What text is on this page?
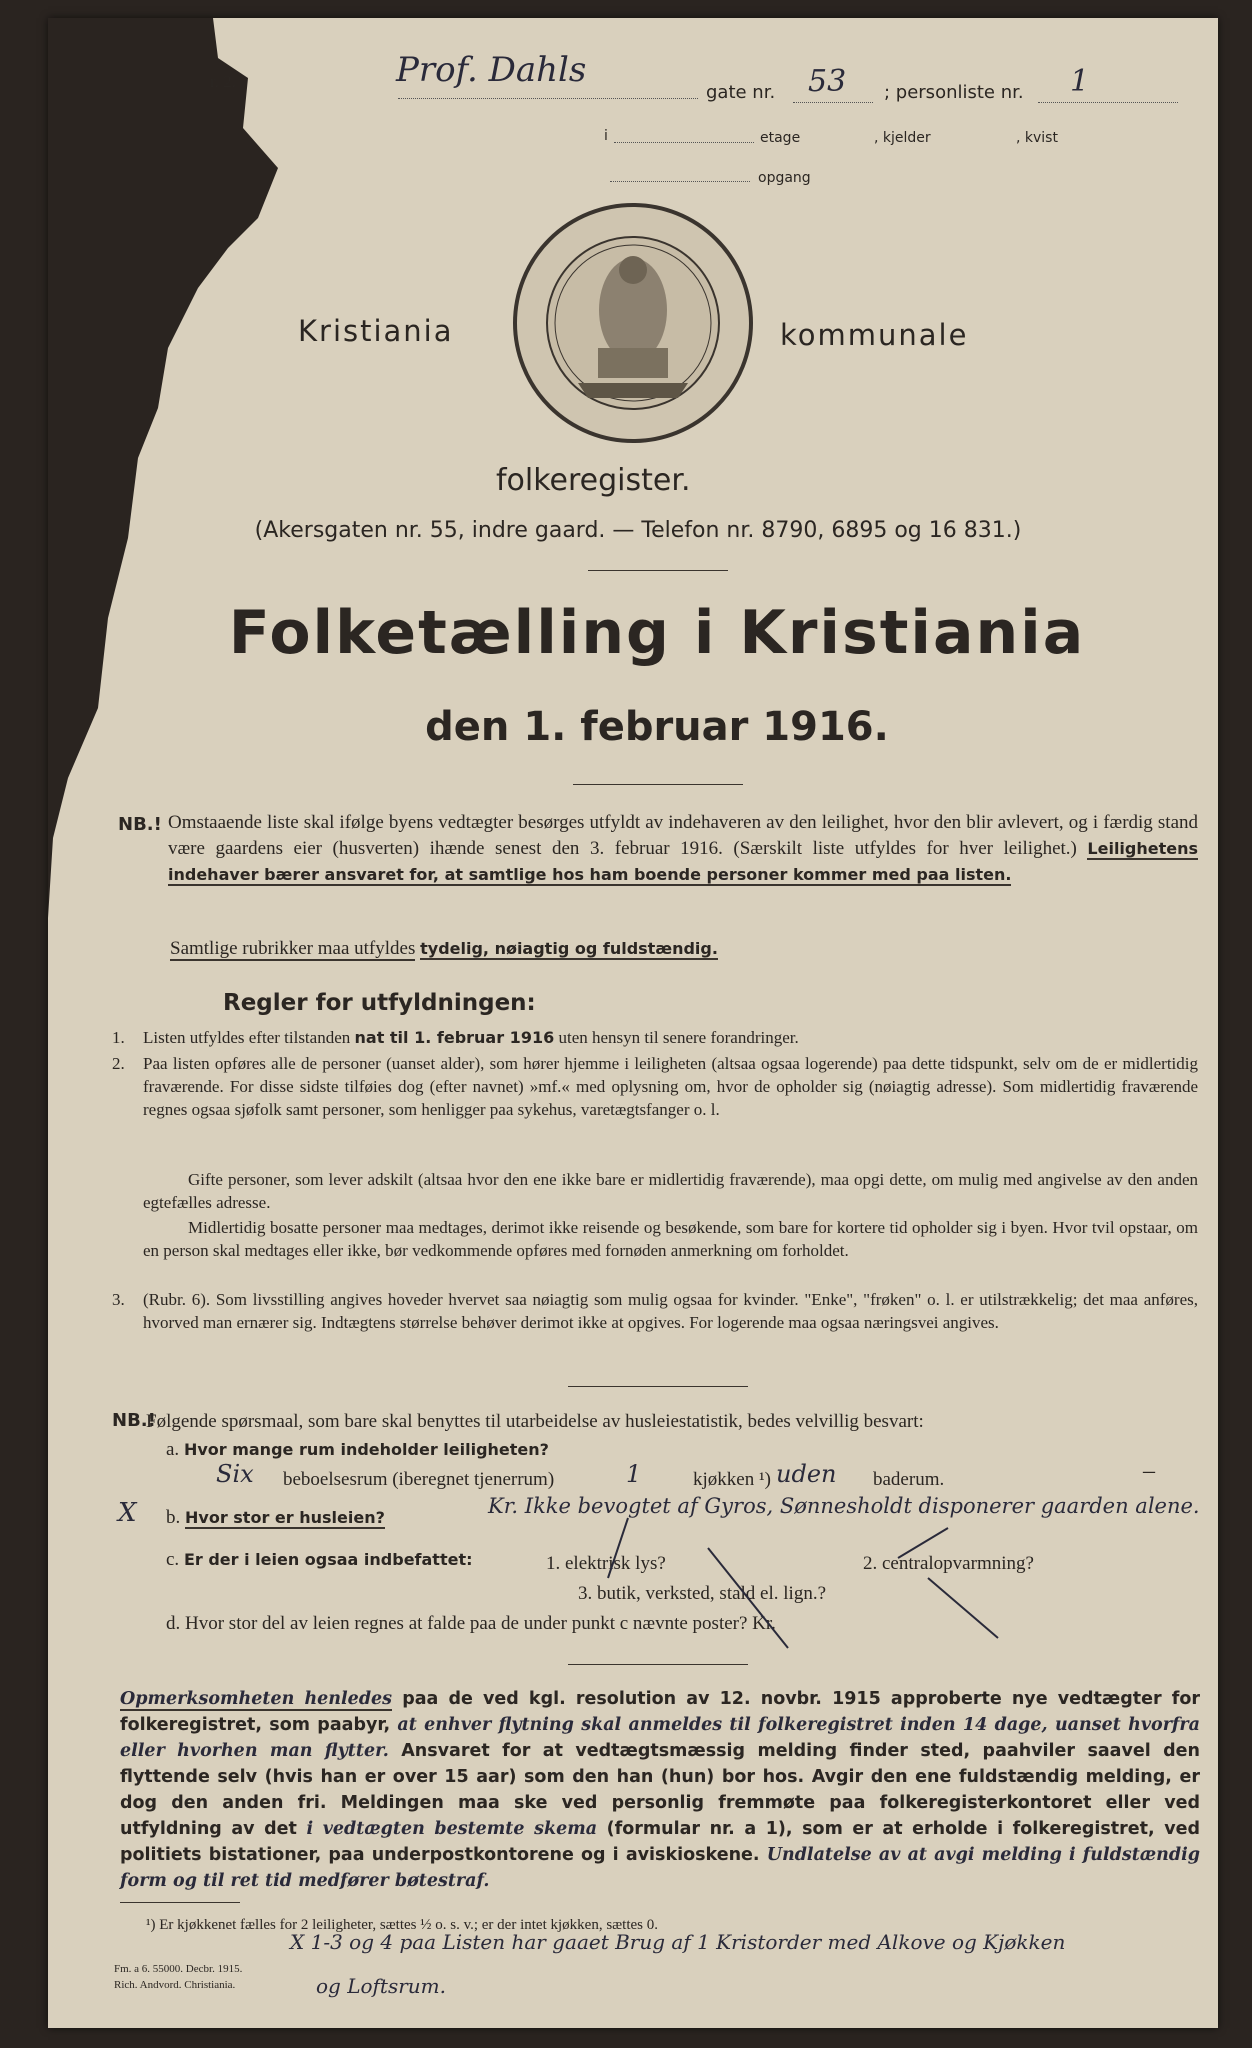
r. 2.	Prof. Dahls
gate nr. 53 ; personliste nr. 1
i	etage	, kjelder	, kvist
opgang
Kristiania	kommunale
folkeregister.
(Akersgaten nr. 55, indre gaard. — Telefon nr. 8790, 6895 og 16 831.)
Folketælling i Kristiania
den 1. februar 1916.
NB.! Omstaaende liste skal ifølge byens vedtægter besørges utfyldt av indehaveren av den leilighet, hvor den blir avlevert, og i færdig stand være gaardens eier (husverten) ihænde senest den 3. februar 1916. (Særskilt liste utfyldes for hver leilighet.) Leilighetens indehaver bærer ansvaret for, at samtlige hos ham boende personer kommer med paa listen.
Samtlige rubrikker maa utfyldes tydelig, nøiagtig og fuldstændig.
Regler for utfyldningen:
1. Listen utfyldes efter tilstanden nat til 1. februar 1916 uten hensyn til senere forandringer.
2. Paa listen opføres alle de personer (uanset alder), som hører hjemme i leiligheten (altsaa ogsaa logerende) paa dette tidspunkt, selv om de er midlertidig fraværende. For disse sidste tilføies dog (efter navnet) »mf.« med oplysning om, hvor de opholder sig (nøiagtig adresse). Som midlertidig fraværende regnes ogsaa sjøfolk samt personer, som henligger paa sykehus, varetægtsfanger o. l.
Gifte personer, som lever adskilt (altsaa hvor den ene ikke bare er midlertidig fraværende), maa opgi dette, om mulig med angivelse av den anden egtefælles adresse.
Midlertidig bosatte personer maa medtages, derimot ikke reisende og besøkende, som bare for kortere tid opholder sig i byen. Hvor tvil opstaar, om en person skal medtages eller ikke, bør vedkommende opføres med fornøden anmerkning om forholdet.
3. (Rubr. 6). Som livsstilling angives hoveder hvervet saa nøiagtig som mulig ogsaa for kvinder. "Enke", "frøken" o. l. er utilstrækkelig; det maa anføres, hvorved man ernærer sig. Indtægtens størrelse behøver derimot ikke at opgives. For logerende maa ogsaa næringsvei angives.
NB.!
Følgende spørsmaal, som bare skal benyttes til utarbeidelse av husleiestatistik, bedes velvillig besvart:
a. Hvor mange rum indeholder leiligheten?
Six beboelsesrum (iberegnet tjenerrum)	1	kjøkken ¹) uden baderum.	–
X b. Hvor stor er husleien?	Kr. Ikke bevogtet af Gyros, Sønnesholdt disponerer gaarden alene.
c. Er der i leien ogsaa indbefattet:	1. elektrisk lys?	2. centralopvarmning?
3. butik, verksted, stald el. lign.?
d. Hvor stor del av leien regnes at falde paa de under punkt c nævnte poster? Kr.
Opmerksomheten henledes paa de ved kgl. resolution av 12. novbr. 1915 approberte nye vedtægter for folkeregistret, som paabyr, at enhver flytning skal anmeldes til folkeregistret inden 14 dage, uanset hvorfra eller hvorhen man flytter. Ansvaret for at vedtægtsmæssig melding finder sted, paahviler saavel den flyttende selv (hvis han er over 15 aar) som den han (hun) bor hos. Avgir den ene fuldstændig melding, er dog den anden fri. Meldingen maa ske ved personlig fremmøte paa folkeregisterkontoret eller ved utfyldning av det i vedtægten bestemte skema (formular nr. a 1), som er at erholde i folkeregistret, ved politiets bistationer, paa underpostkontorene og i aviskioskene. Undlatelse av at avgi melding i fuldstændig form og til ret tid medfører bøtestraf.
¹) Er kjøkkenet fælles for 2 leiligheter, sættes ½ o. s. v.; er der intet kjøkken, sættes 0.
X 1-3 og 4 paa Listen har gaaet Brug af 1 Kristorder med Alkove og Kjøkken
og Loftsrum.
Fm. a 6. 55000. Decbr. 1915.
Rich. Andvord. Christiania.
